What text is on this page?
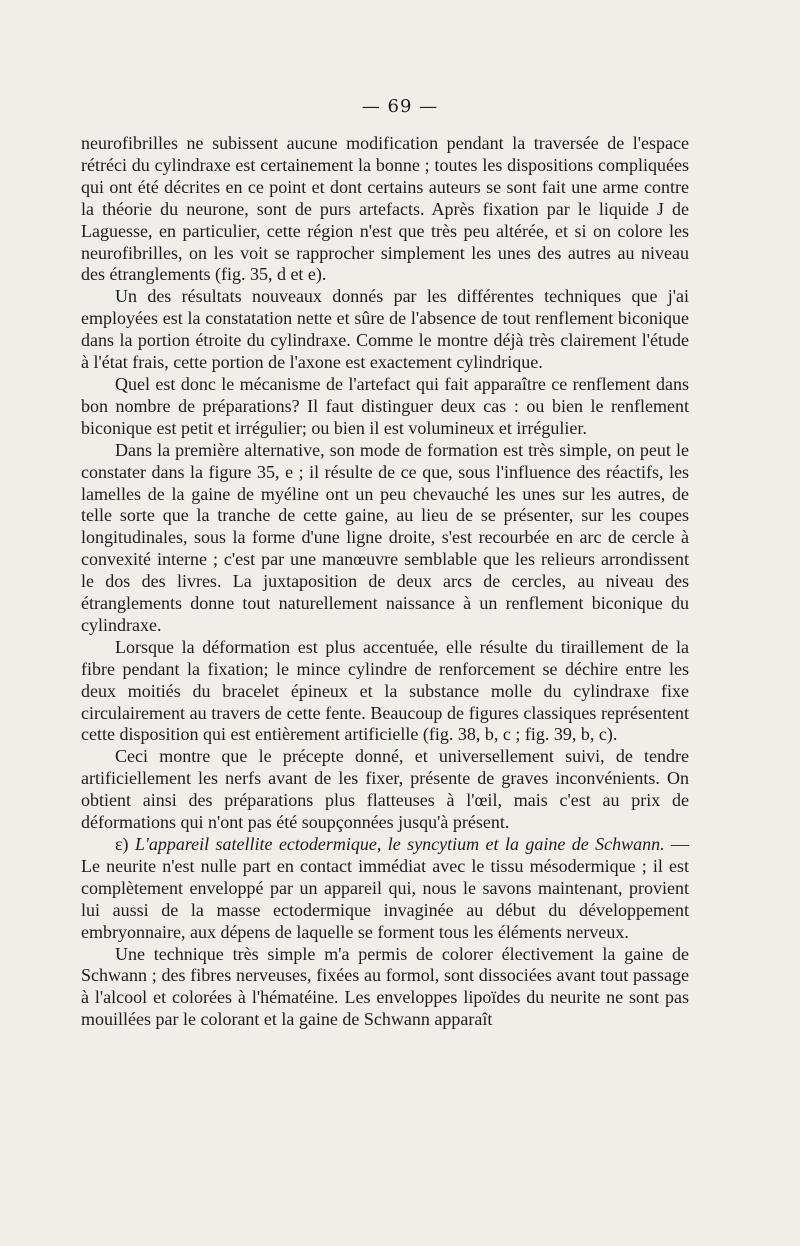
— 69 —

neurofibrilles ne subissent aucune modification pendant la traversée de l'espace rétréci du cylindraxe est certainement la bonne ; toutes les dispositions compliquées qui ont été décrites en ce point et dont certains auteurs se sont fait une arme contre la théorie du neurone, sont de purs artefacts. Après fixation par le liquide J de Laguesse, en particulier, cette région n'est que très peu altérée, et si on colore les neurofibrilles, on les voit se rapprocher simplement les unes des autres au niveau des étranglements (fig. 35, d et e).

Un des résultats nouveaux donnés par les différentes techniques que j'ai employées est la constatation nette et sûre de l'absence de tout renflement biconique dans la portion étroite du cylindraxe. Comme le montre déjà très clairement l'étude à l'état frais, cette portion de l'axone est exactement cylindrique.

Quel est donc le mécanisme de l'artefact qui fait apparaître ce renflement dans bon nombre de préparations? Il faut distinguer deux cas : ou bien le renflement biconique est petit et irrégulier; ou bien il est volumineux et irrégulier.

Dans la première alternative, son mode de formation est très simple, on peut le constater dans la figure 35, e ; il résulte de ce que, sous l'influence des réactifs, les lamelles de la gaine de myéline ont un peu chevauché les unes sur les autres, de telle sorte que la tranche de cette gaine, au lieu de se présenter, sur les coupes longitudinales, sous la forme d'une ligne droite, s'est recourbée en arc de cercle à convexité interne ; c'est par une manœuvre semblable que les relieurs arrondissent le dos des livres. La juxtaposition de deux arcs de cercles, au niveau des étranglements donne tout naturellement naissance à un renflement biconique du cylindraxe.

Lorsque la déformation est plus accentuée, elle résulte du tiraillement de la fibre pendant la fixation; le mince cylindre de renforcement se déchire entre les deux moitiés du bracelet épineux et la substance molle du cylindraxe fixe circulairement au travers de cette fente. Beaucoup de figures classiques représentent cette disposition qui est entièrement artificielle (fig. 38, b, c ; fig. 39, b, c).

Ceci montre que le précepte donné, et universellement suivi, de tendre artificiellement les nerfs avant de les fixer, présente de graves inconvénients. On obtient ainsi des préparations plus flatteuses à l'œil, mais c'est au prix de déformations qui n'ont pas été soupçonnées jusqu'à présent.

ε) L'appareil satellite ectodermique, le syncytium et la gaine de Schwann. — Le neurite n'est nulle part en contact immédiat avec le tissu mésodermique ; il est complètement enveloppé par un appareil qui, nous le savons maintenant, provient lui aussi de la masse ectodermique invaginée au début du développement embryonnaire, aux dépens de laquelle se forment tous les éléments nerveux.

Une technique très simple m'a permis de colorer électivement la gaine de Schwann ; des fibres nerveuses, fixées au formol, sont dissociées avant tout passage à l'alcool et colorées à l'hématéine. Les enveloppes lipoïdes du neurite ne sont pas mouillées par le colorant et la gaine de Schwann apparaît
